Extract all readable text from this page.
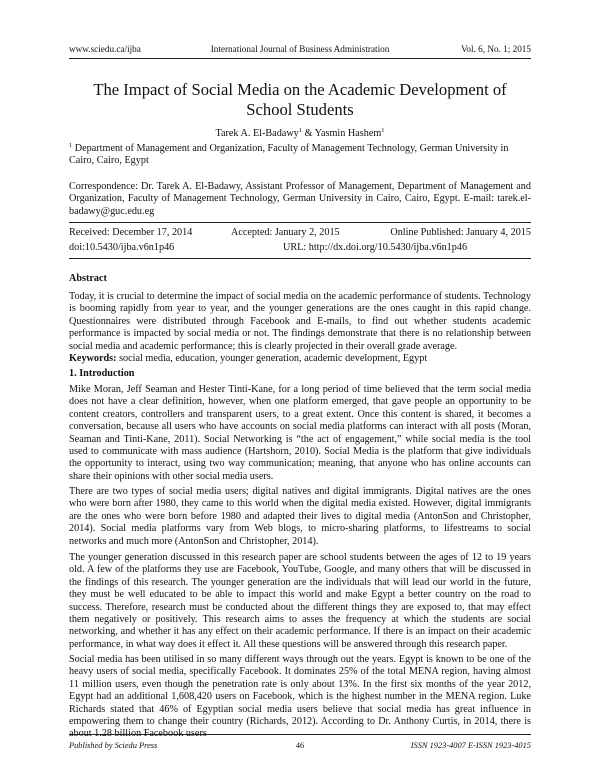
www.sciedu.ca/ijba	International Journal of Business Administration	Vol. 6, No. 1; 2015
The Impact of Social Media on the Academic Development of School Students
Tarek A. El-Badawy$^1$ & Yasmin Hashem$^1$
$^1$ Department of Management and Organization, Faculty of Management Technology, German University in Cairo, Cairo, Egypt
Correspondence: Dr. Tarek A. El-Badawy, Assistant Professor of Management, Department of Management and Organization, Faculty of Management Technology, German University in Cairo, Cairo, Egypt. E-mail: tarek.el-badawy@guc.edu.eg
Received: December 17, 2014	Accepted: January 2, 2015	Online Published: January 4, 2015
doi:10.5430/ijba.v6n1p46	URL: http://dx.doi.org/10.5430/ijba.v6n1p46
Abstract
Today, it is crucial to determine the impact of social media on the academic performance of students. Technology is booming rapidly from year to year, and the younger generations are the ones caught in this rapid change. Questionnaires were distributed through Facebook and E-mails, to find out whether students academic performance is impacted by social media or not. The findings demonstrate that there is no relationship between social media and academic performance; this is clearly projected in their overall grade average.
Keywords: social media, education, younger generation, academic development, Egypt
1. Introduction
Mike Moran, Jeff Seaman and Hester Tinti-Kane, for a long period of time believed that the term social media does not have a clear definition, however, when one platform emerged, that gave people an opportunity to be content creators, controllers and transparent users, to a great extent. Once this content is shared, it becomes a conversation, because all users who have accounts on social media platforms can interact with all posts (Moran, Seaman and Tinti-Kane, 2011). Social Networking is “the act of engagement,” while social media is the tool used to communicate with mass audience (Hartshorn, 2010). Social Media is the platform that give individuals the opportunity to interact, using two way communication; meaning, that anyone who has online accounts can share their opinions with other social media users.
There are two types of social media users; digital natives and digital immigrants. Digital natives are the ones who were born after 1980, they came to this world when the digital media existed. However, digital immigrants are the ones who were born before 1980 and adapted their lives to digital media (AntonSon and Christopher, 2014). Social media platforms vary from Web blogs, to micro-sharing platforms, to lifestreams to social networks and much more (AntonSon and Christopher, 2014).
The younger generation discussed in this research paper are school students between the ages of 12 to 19 years old. A few of the platforms they use are Facebook, YouTube, Google, and many others that will be discussed in the findings of this research. The younger generation are the individuals that will lead our world in the future, they must be well educated to be able to impact this world and make Egypt a better country on the road to success. Therefore, research must be conducted about the different things they are exposed to, that may effect them negatively or positively. This research aims to asses the frequency at which the students are social networking, and whether it has any effect on their academic performance. If there is an impact on their academic performance, in what way does it effect it. All these questions will be answered through this research paper.
Social media has been utilised in so many different ways through out the years. Egypt is known to be one of the heavy users of social media, specifically Facebook. It dominates 25% of the total MENA region, having almost 11 million users, even though the penetration rate is only about 13%. In the first six months of the year 2012, Egypt had an additional 1,608,420 users on Facebook, which is the highest number in the MENA region. Luke Richards stated that 46% of Egyptian social media users believe that social media has great influence in empowering them to change their country (Richards, 2012). According to Dr. Anthony Curtis, in 2014, there is about 1.28 billion Facebook users
Published by Sciedu Press	46	ISSN 1923-4007 E-ISSN 1923-4015
